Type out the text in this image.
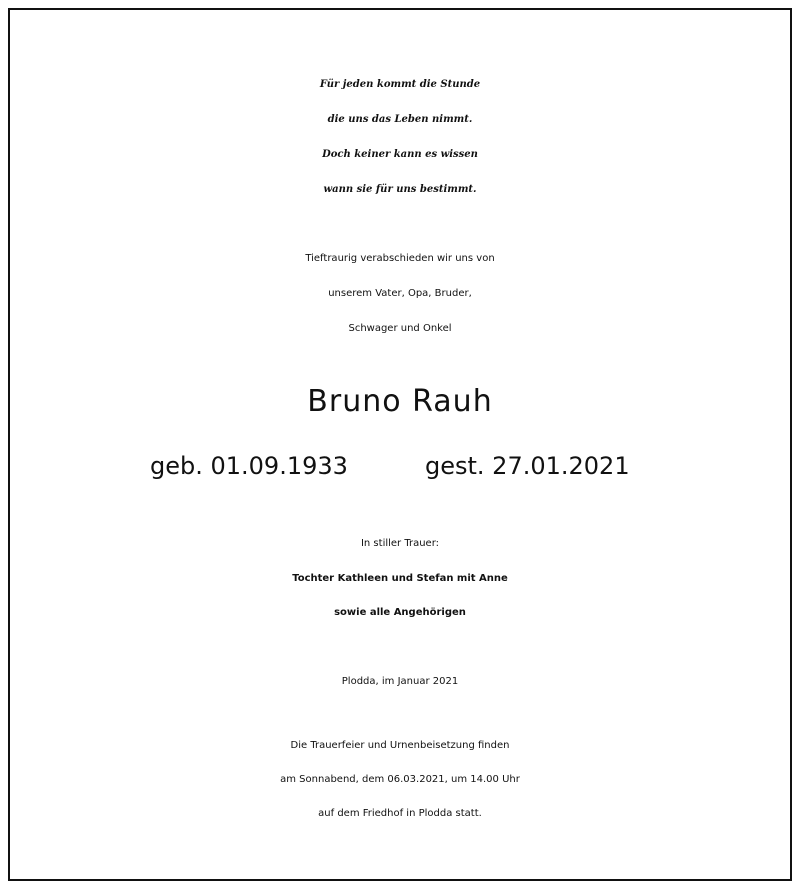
Für jeden kommt die Stunde
die uns das Leben nimmt.
Doch keiner kann es wissen
wann sie für uns bestimmt.
Tieftraurig verabschieden wir uns von
unserem Vater, Opa, Bruder,
Schwager und Onkel
Bruno Rauh
geb. 01.09.1933	gest. 27.01.2021
In stiller Trauer:
Tochter Kathleen und Stefan mit Anne
sowie alle Angehörigen
Plodda, im Januar 2021
Die Trauerfeier und Urnenbeisetzung finden
am Sonnabend, dem 06.03.2021, um 14.00 Uhr
auf dem Friedhof in Plodda statt.
